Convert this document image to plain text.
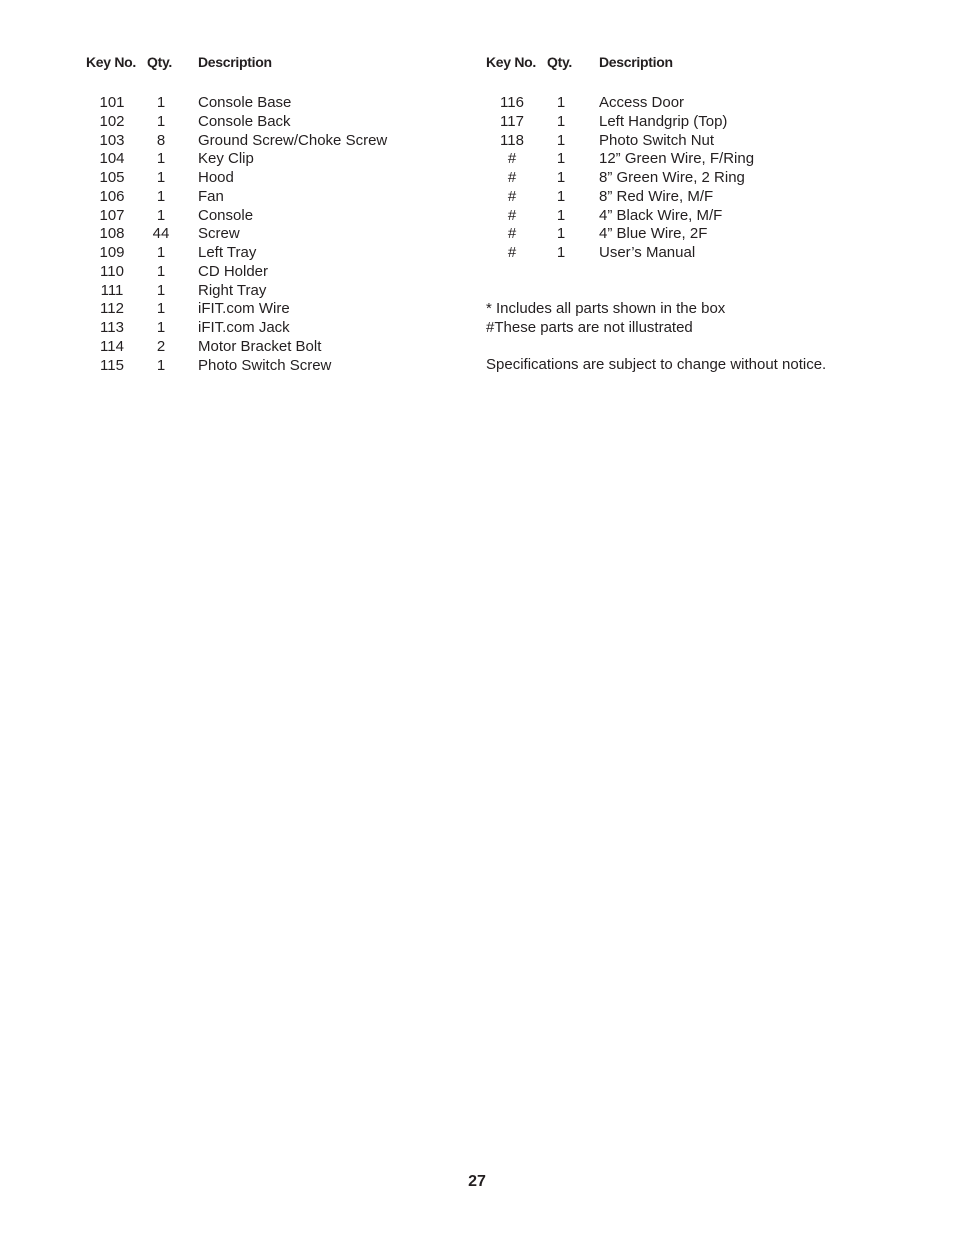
Key No. Qty. Description
101	1	Console Base
102	1	Console Back
103	8	Ground Screw/Choke Screw
104	1	Key Clip
105	1	Hood
106	1	Fan
107	1	Console
108	44	Screw
109	1	Left Tray
110	1	CD Holder
111	1	Right Tray
112	1	iFIT.com Wire
113	1	iFIT.com Jack
114	2	Motor Bracket Bolt
115	1	Photo Switch Screw
Key No. Qty. Description
116	1	Access Door
117	1	Left Handgrip (Top)
118	1	Photo Switch Nut
#	1	12” Green Wire, F/Ring
#	1	8” Green Wire, 2 Ring
#	1	8” Red Wire, M/F
#	1	4” Black Wire, M/F
#	1	4” Blue Wire, 2F
#	1	User’s Manual
* Includes all parts shown in the box
#These parts are not illustrated
Specifications are subject to change without notice.
27
